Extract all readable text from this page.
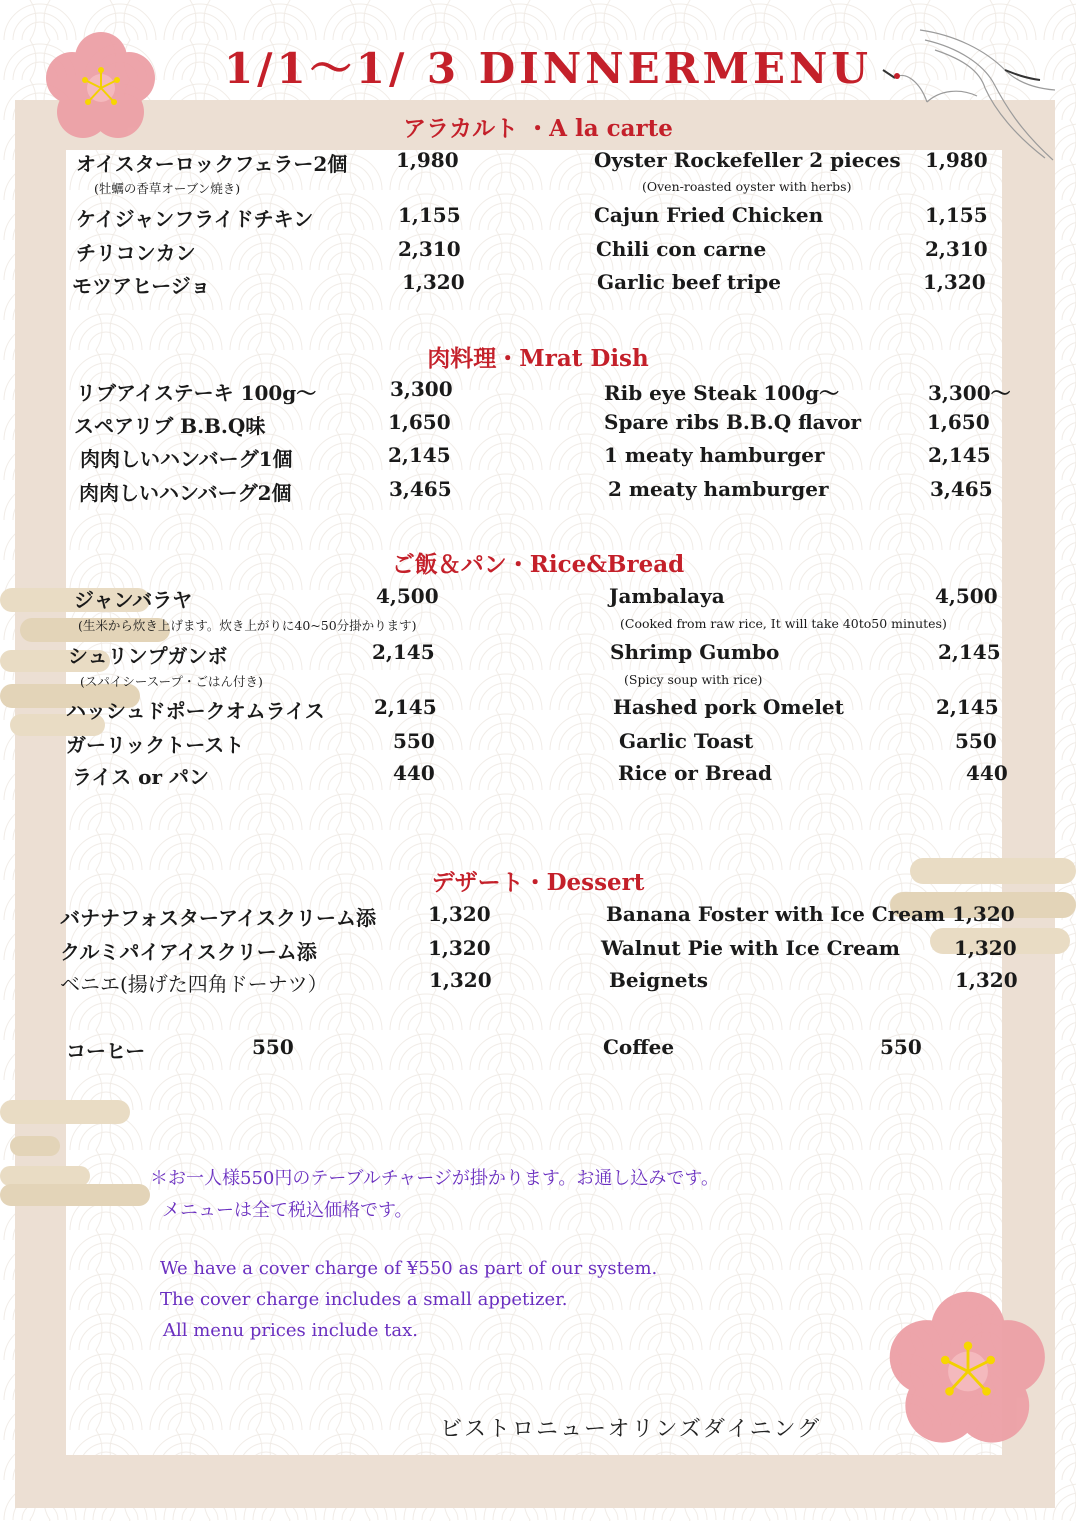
1/1～1/ 3 DINNERMENU
アラカルト ・A la carte
オイスターロックフェラー2個 1,980	Oyster Rockefeller 2 pieces 1,980
(牡蠣の香草オーブン焼き)	(Oven-roasted oyster with herbs)
ケイジャンフライドチキン	1,155	Cajun Fried Chicken	1,155
チリコンカン	2,310	Chili con carne	2,310
モツアヒージョ	1,320	Garlic beef tripe	1,320
肉料理・Mrat Dish
リブアイステーキ 100g～	3,300	Rib eye Steak 100g～	3,300～
スペアリブ B.B.Q味	1,650	Spare ribs B.B.Q flavor	1,650
肉肉しいハンバーグ1個	2,145	1 meaty hamburger	2,145
肉肉しいハンバーグ2個	3,465	2 meaty hamburger	3,465
ご飯＆パン・Rice&Bread
ジャンバラヤ	4,500	Jambalaya	4,500
(生米から炊き上げます。炊き上がりに40~50分掛かります)	(Cooked from raw rice, It will take 40to50 minutes)
シュリンプガンボ	2,145	Shrimp Gumbo	2,145
(スパイシースープ・ごはん付き)	(Spicy soup with rice)
ハッシュドポークオムライス 2,145	Hashed pork Omelet	2,145
ガーリックトースト	550	Garlic Toast	550
ライス or パン	440	Rice or Bread	440
デザート・Dessert
バナナフォスターアイスクリーム添	1,320	Banana Foster with Ice Cream 1,320
クルミパイアイスクリーム添	1,320	Walnut Pie with Ice Cream	1,320
ベニエ(揚げた四角ドーナツ）	1,320	Beignets	1,320
コーヒー	550	Coffee	550
＊お一人様550円のテーブルチャージが掛かります。お通し込みです。
メニューは全て税込価格です。
We have a cover charge of ¥550 as part of our system.
The cover charge includes a small appetizer.
All menu prices include tax.
ビストロニューオリンズダイニング
